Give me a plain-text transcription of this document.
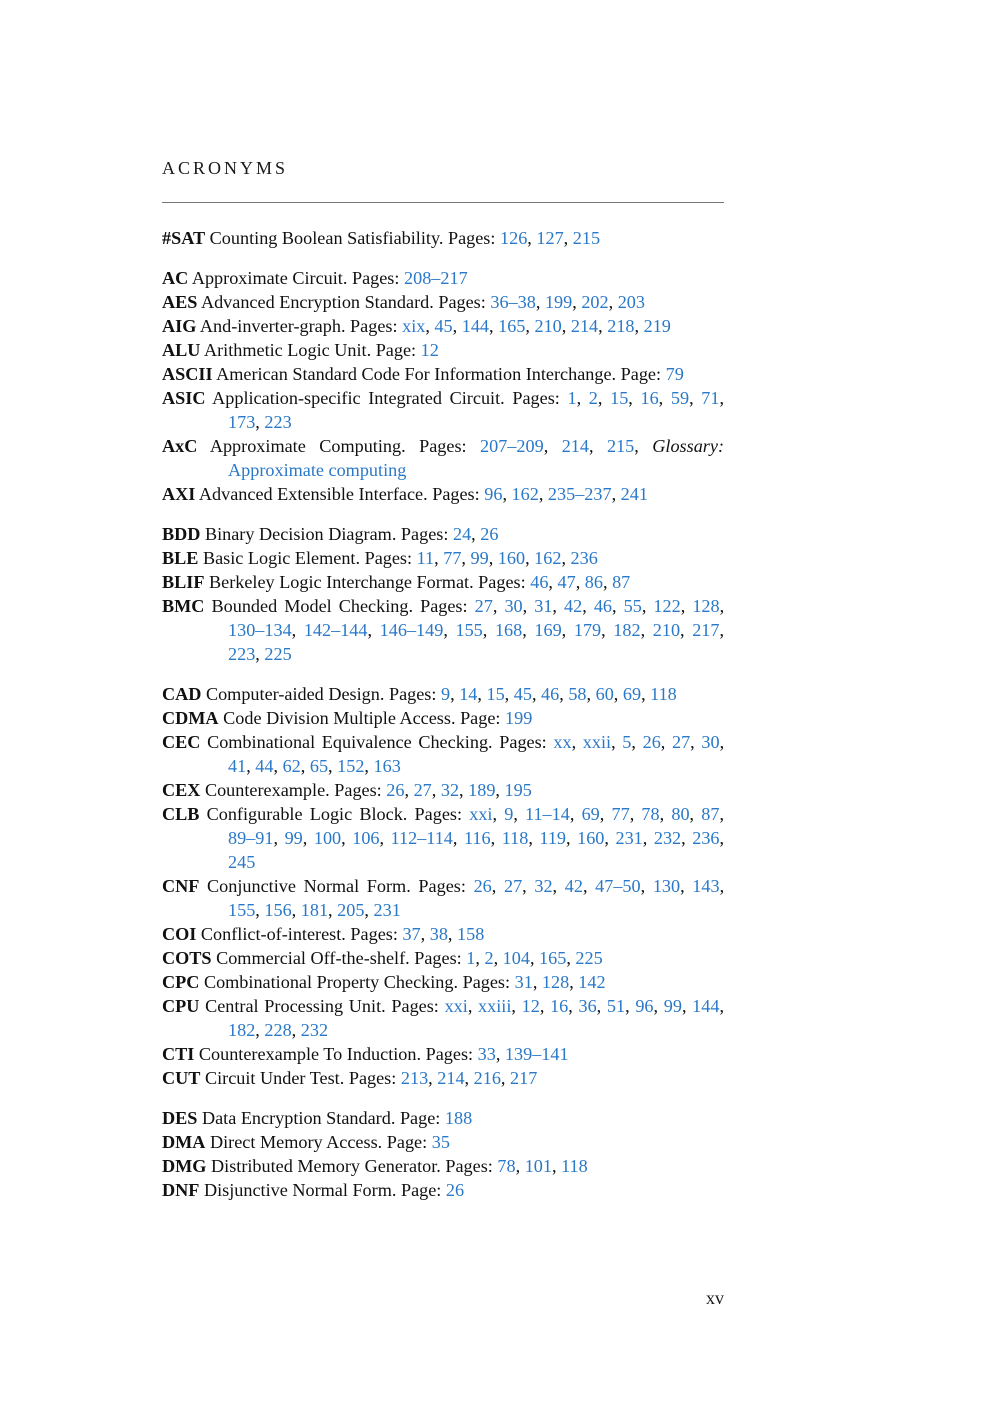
ACRONYMS
#SAT Counting Boolean Satisfiability. Pages: 126, 127, 215
AC Approximate Circuit. Pages: 208–217
AES Advanced Encryption Standard. Pages: 36–38, 199, 202, 203
AIG And-inverter-graph. Pages: xix, 45, 144, 165, 210, 214, 218, 219
ALU Arithmetic Logic Unit. Page: 12
ASCII American Standard Code For Information Interchange. Page: 79
ASIC Application-specific Integrated Circuit. Pages: 1, 2, 15, 16, 59, 71, 173, 223
AxC Approximate Computing. Pages: 207–209, 214, 215, Glossary: Approximate computing
AXI Advanced Extensible Interface. Pages: 96, 162, 235–237, 241
BDD Binary Decision Diagram. Pages: 24, 26
BLE Basic Logic Element. Pages: 11, 77, 99, 160, 162, 236
BLIF Berkeley Logic Interchange Format. Pages: 46, 47, 86, 87
BMC Bounded Model Checking. Pages: 27, 30, 31, 42, 46, 55, 122, 128, 130–134, 142–144, 146–149, 155, 168, 169, 179, 182, 210, 217, 223, 225
CAD Computer-aided Design. Pages: 9, 14, 15, 45, 46, 58, 60, 69, 118
CDMA Code Division Multiple Access. Page: 199
CEC Combinational Equivalence Checking. Pages: xx, xxii, 5, 26, 27, 30, 41, 44, 62, 65, 152, 163
CEX Counterexample. Pages: 26, 27, 32, 189, 195
CLB Configurable Logic Block. Pages: xxi, 9, 11–14, 69, 77, 78, 80, 87, 89–91, 99, 100, 106, 112–114, 116, 118, 119, 160, 231, 232, 236, 245
CNF Conjunctive Normal Form. Pages: 26, 27, 32, 42, 47–50, 130, 143, 155, 156, 181, 205, 231
COI Conflict-of-interest. Pages: 37, 38, 158
COTS Commercial Off-the-shelf. Pages: 1, 2, 104, 165, 225
CPC Combinational Property Checking. Pages: 31, 128, 142
CPU Central Processing Unit. Pages: xxi, xxiii, 12, 16, 36, 51, 96, 99, 144, 182, 228, 232
CTI Counterexample To Induction. Pages: 33, 139–141
CUT Circuit Under Test. Pages: 213, 214, 216, 217
DES Data Encryption Standard. Page: 188
DMA Direct Memory Access. Page: 35
DMG Distributed Memory Generator. Pages: 78, 101, 118
DNF Disjunctive Normal Form. Page: 26
xv
